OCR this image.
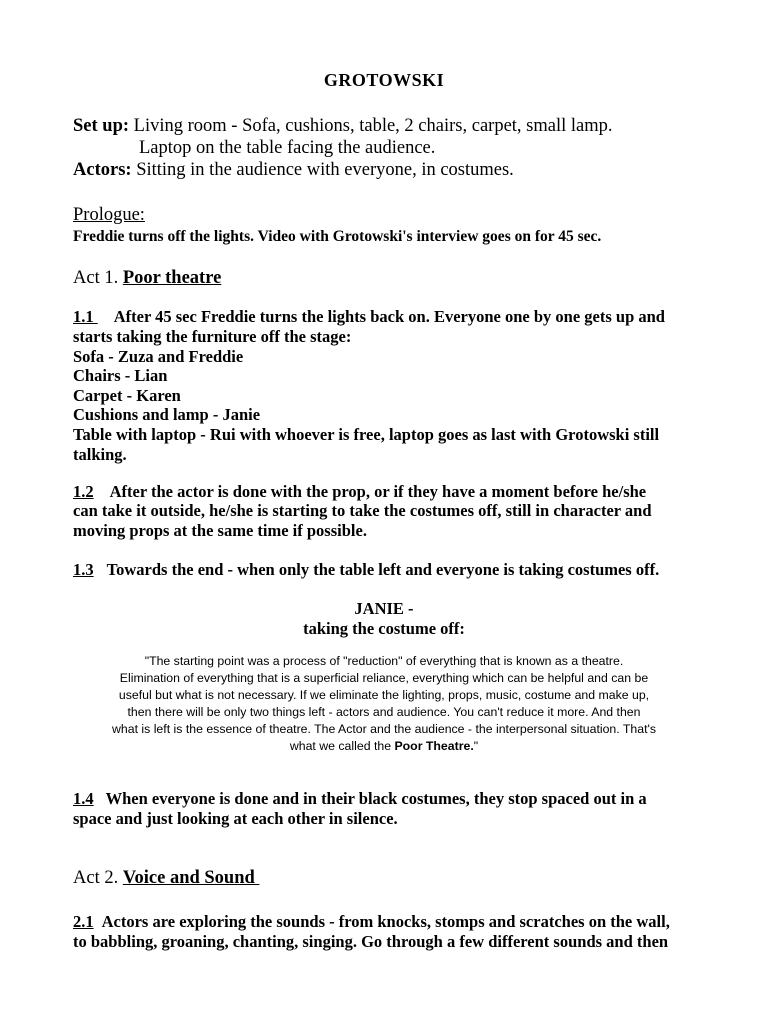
GROTOWSKI
Set up: Living room - Sofa, cushions, table, 2 chairs, carpet, small lamp.
Laptop on the table facing the audience.
Actors: Sitting in the audience with everyone, in costumes.
Prologue:
Freddie turns off the lights. Video with Grotowski's interview goes on for 45 sec.
Act 1. Poor theatre
1.1 After 45 sec Freddie turns the lights back on. Everyone one by one gets up and
starts taking the furniture off the stage:
Sofa - Zuza and Freddie
Chairs - Lian
Carpet - Karen
Cushions and lamp - Janie
Table with laptop - Rui with whoever is free, laptop goes as last with Grotowski still
talking.
1.2 After the actor is done with the prop, or if they have a moment before he/she
can take it outside, he/she is starting to take the costumes off, still in character and
moving props at the same time if possible.
1.3 Towards the end - when only the table left and everyone is taking costumes off.
JANIE -
taking the costume off:
"The starting point was a process of "reduction" of everything that is known as a theatre.
Elimination of everything that is a superficial reliance, everything which can be helpful and can be
useful but what is not necessary. If we eliminate the lighting, props, music, costume and make up,
then there will be only two things left - actors and audience. You can't reduce it more. And then
what is left is the essence of theatre. The Actor and the audience - the interpersonal situation. That's
what we called the Poor Theatre."
1.4 When everyone is done and in their black costumes, they stop spaced out in a
space and just looking at each other in silence.
Act 2. Voice and Sound
2.1 Actors are exploring the sounds - from knocks, stomps and scratches on the wall,
to babbling, groaning, chanting, singing. Go through a few different sounds and then
